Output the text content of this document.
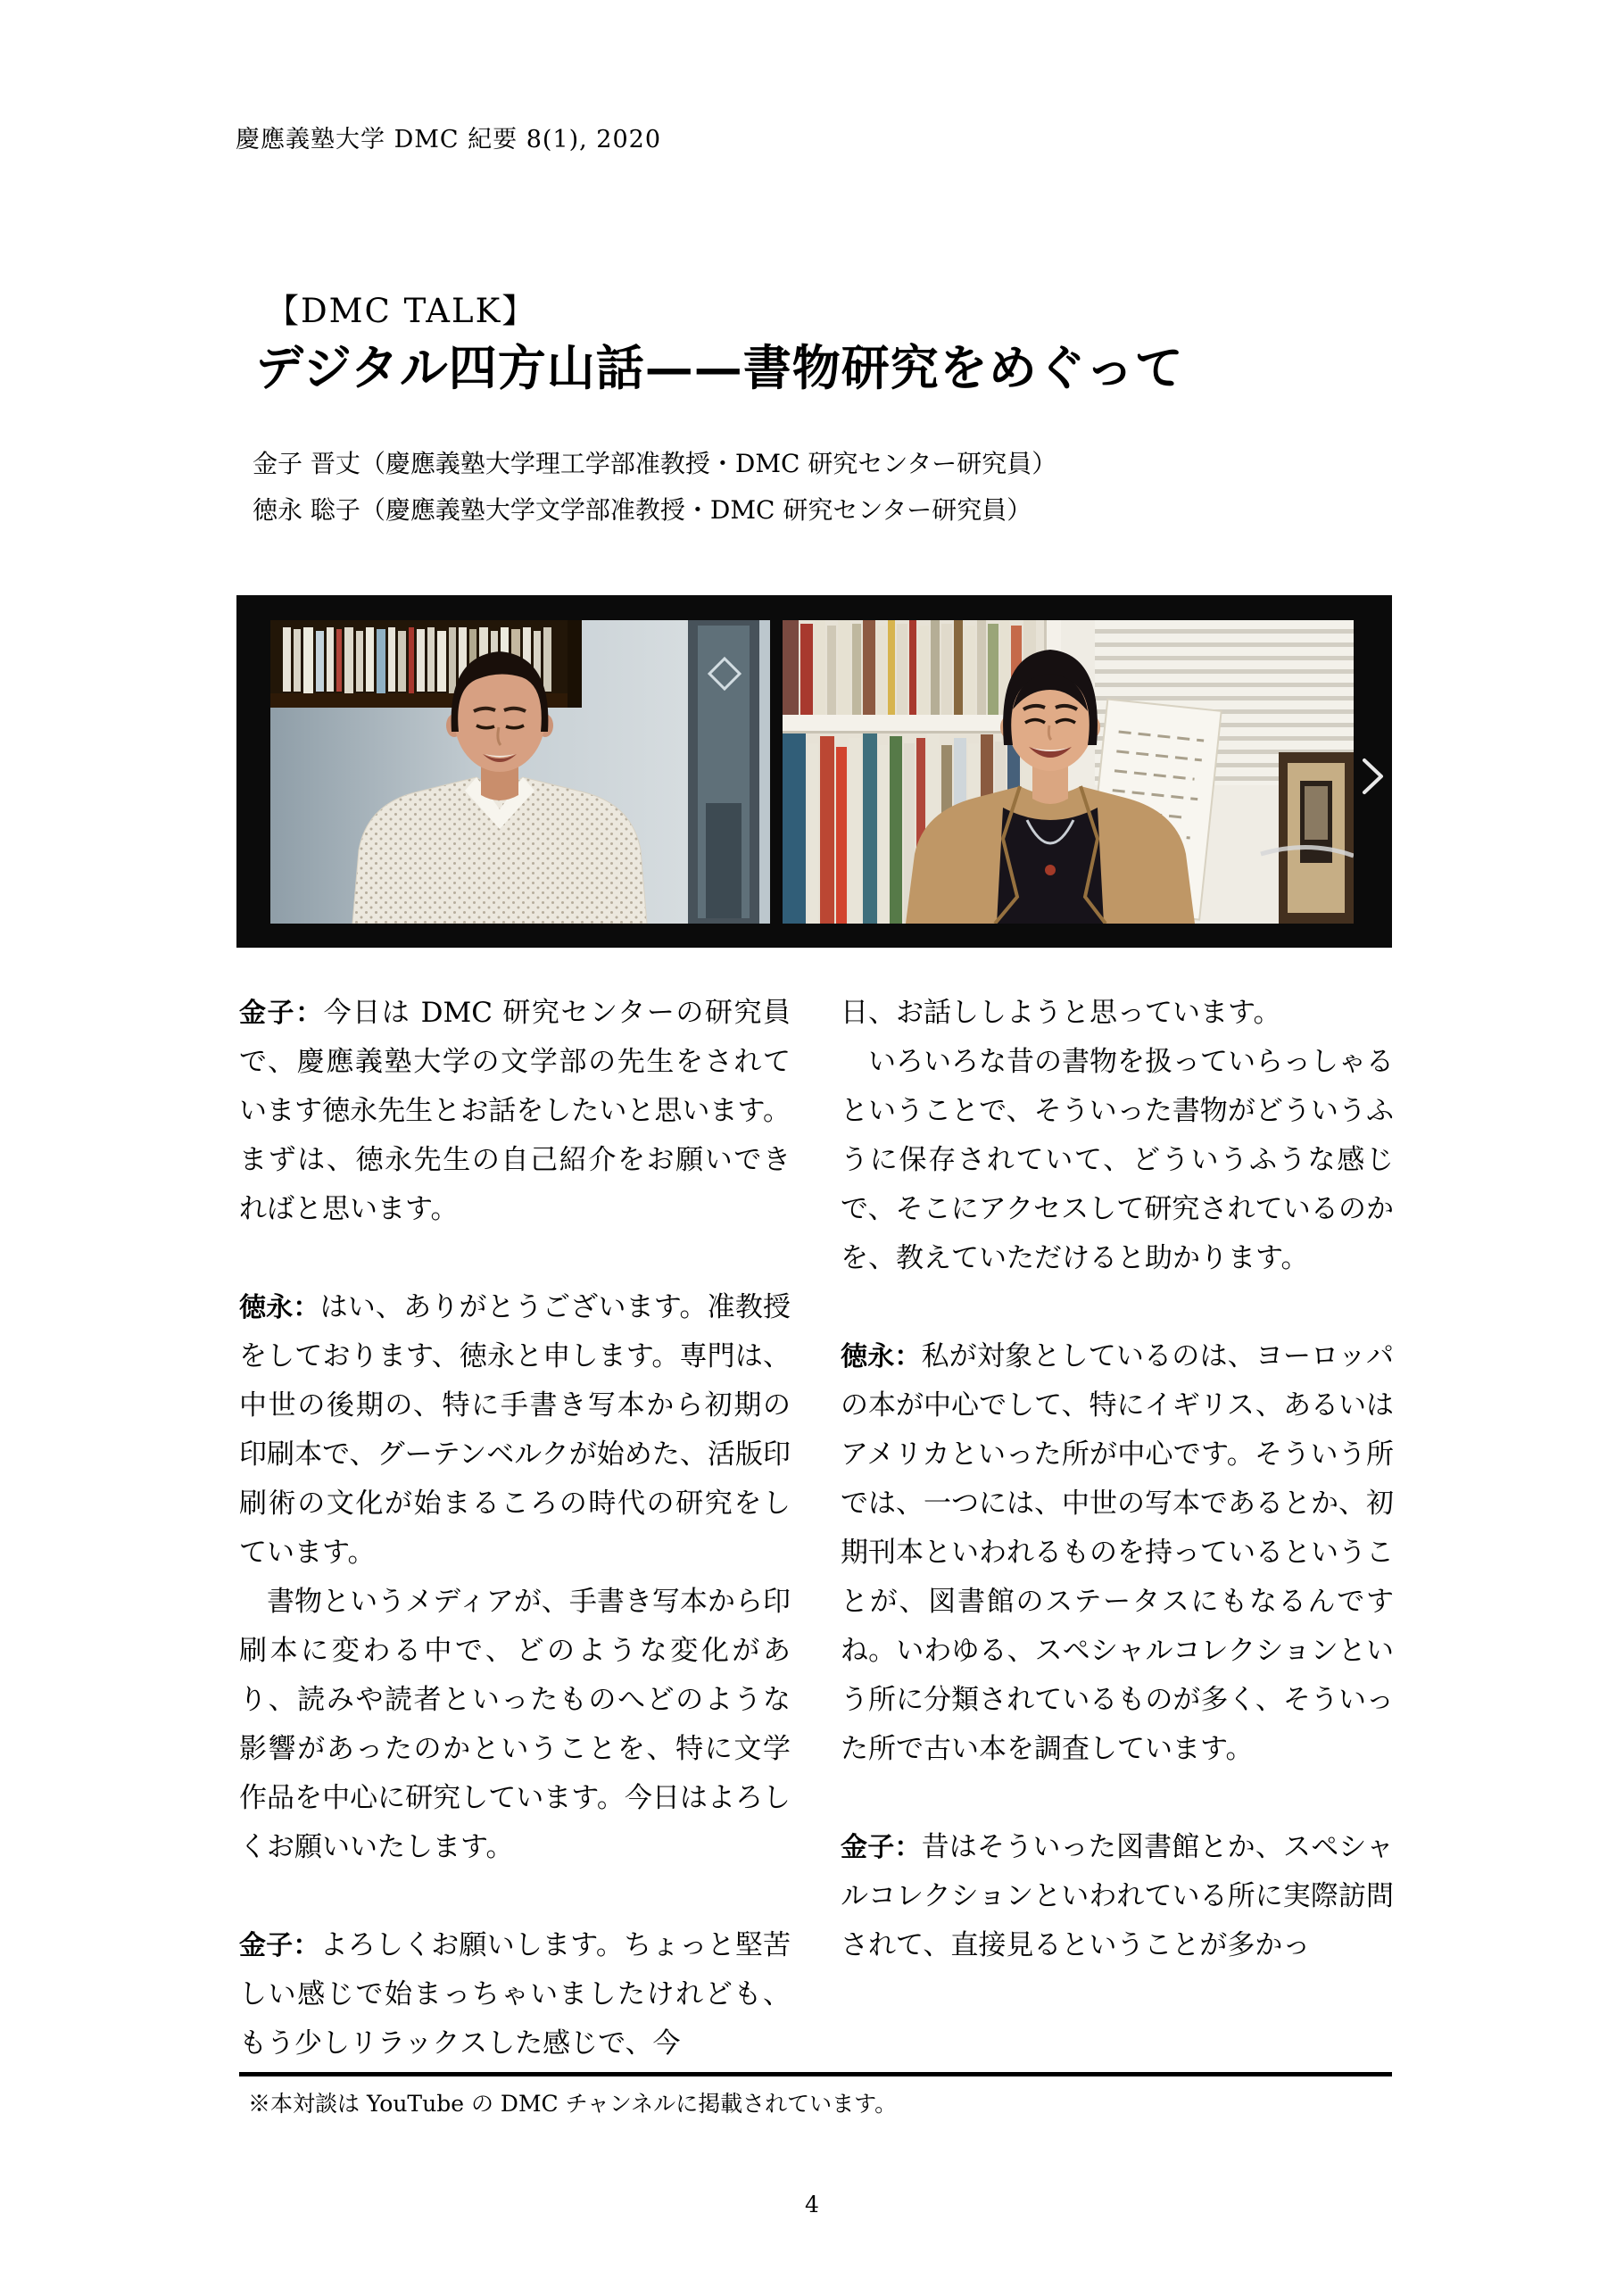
慶應義塾大学 DMC 紀要 8(1), 2020
【DMC TALK】
デジタル四方山話——書物研究をめぐって
金子 晋丈（慶應義塾大学理工学部准教授・DMC 研究センター研究員）
徳永 聡子（慶應義塾大学文学部准教授・DMC 研究センター研究員）

金子：今日は DMC 研究センターの研究員で、慶應義塾大学の文学部の先生をされています徳永先生とお話をしたいと思います。まずは、徳永先生の自己紹介をお願いできればと思います。

徳永：はい、ありがとうございます。准教授をしております、徳永と申します。専門は、中世の後期の、特に手書き写本から初期の印刷本で、グーテンベルクが始めた、活版印刷術の文化が始まるころの時代の研究をしています。

　書物というメディアが、手書き写本から印刷本に変わる中で、どのような変化があり、読みや読者といったものへどのような影響があったのかということを、特に文学作品を中心に研究しています。今日はよろしくお願いいたします。

金子：よろしくお願いします。ちょっと堅苦しい感じで始まっちゃいましたけれども、もう少しリラックスした感じで、今

日、お話ししようと思っています。

　いろいろな昔の書物を扱っていらっしゃるということで、そういった書物がどういうふうに保存されていて、どういうふうな感じで、そこにアクセスして研究されているのかを、教えていただけると助かります。

徳永：私が対象としているのは、ヨーロッパの本が中心でして、特にイギリス、あるいはアメリカといった所が中心です。そういう所では、一つには、中世の写本であるとか、初期刊本といわれるものを持っているということが、図書館のステータスにもなるんですね。いわゆる、スペシャルコレクションという所に分類されているものが多く、そういった所で古い本を調査しています。

金子：昔はそういった図書館とか、スペシャルコレクションといわれている所に実際訪問されて、直接見るということが多かっ

※本対談は YouTube の DMC チャンネルに掲載されています。
4
